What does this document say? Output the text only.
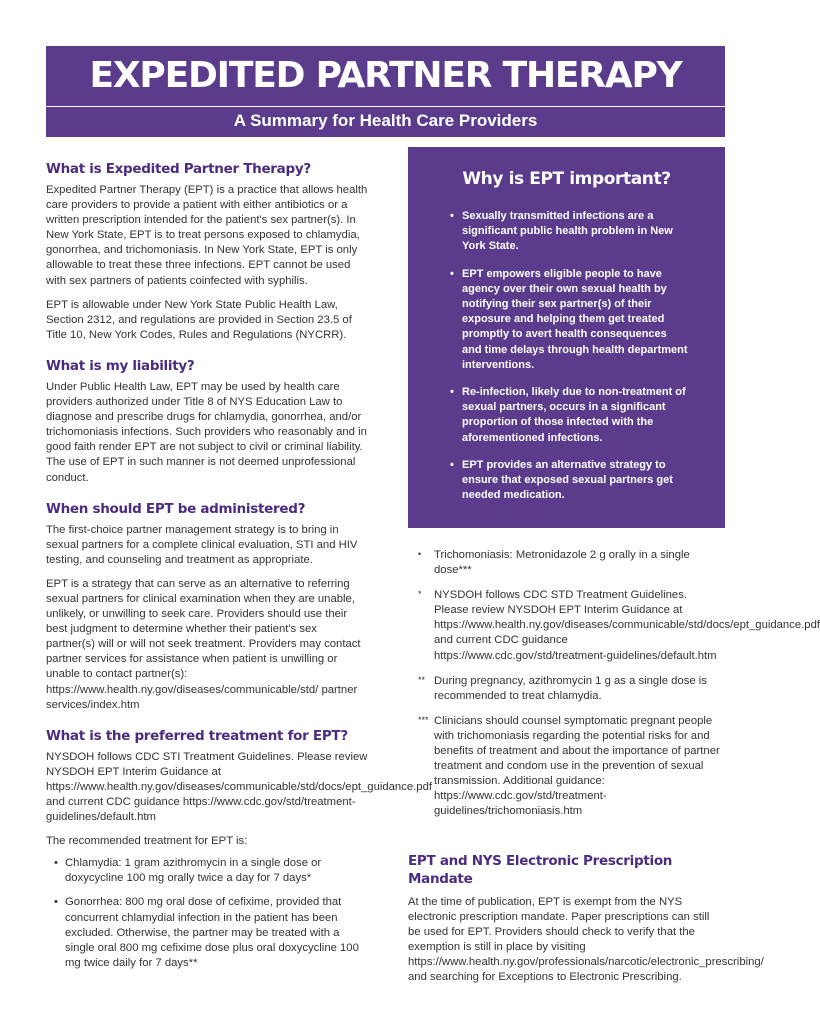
EXPEDITED PARTNER THERAPY
A Summary for Health Care Providers
What is Expedited Partner Therapy?

Expedited Partner Therapy (EPT) is a practice that allows health care providers to provide a patient with either antibiotics or a written prescription intended for the patient's sex partner(s). In New York State, EPT is to treat persons exposed to chlamydia, gonorrhea, and trichomoniasis. In New York State, EPT is only allowable to treat these three infections. EPT cannot be used with sex partners of patients coinfected with syphilis.

EPT is allowable under New York State Public Health Law, Section 2312, and regulations are provided in Section 23.5 of Title 10, New York Codes, Rules and Regulations (NYCRR).

What is my liability?

Under Public Health Law, EPT may be used by health care providers authorized under Title 8 of NYS Education Law to diagnose and prescribe drugs for chlamydia, gonorrhea, and/or trichomoniasis infections. Such providers who reasonably and in good faith render EPT are not subject to civil or criminal liability. The use of EPT in such manner is not deemed unprofessional conduct.

When should EPT be administered?

The first-choice partner management strategy is to bring in sexual partners for a complete clinical evaluation, STI and HIV testing, and counseling and treatment as appropriate.

EPT is a strategy that can serve as an alternative to referring sexual partners for clinical examination when they are unable, unlikely, or unwilling to seek care. Providers should use their best judgment to determine whether their patient's sex partner(s) will or will not seek treatment. Providers may contact partner services for assistance when patient is unwilling or unable to contact partner(s): https://www.health.ny.gov/diseases/communicable/std/ partner services/index.htm

What is the preferred treatment for EPT?

NYSDOH follows CDC STI Treatment Guidelines. Please review NYSDOH EPT Interim Guidance at https://www.health.ny.gov/diseases/communicable/std/docs/ept_guidance.pdf and current CDC guidance https://www.cdc.gov/std/treatment-guidelines/default.htm

The recommended treatment for EPT is:

• Chlamydia: 1 gram azithromycin in a single dose or doxycycline 100 mg orally twice a day for 7 days*
• Gonorrhea: 800 mg oral dose of cefixime, provided that concurrent chlamydial infection in the patient has been excluded. Otherwise, the partner may be treated with a single oral 800 mg cefixime dose plus oral doxycycline 100 mg twice daily for 7 days**
Why is EPT important?
• Sexually transmitted infections are a significant public health problem in New York State.
• EPT empowers eligible people to have agency over their own sexual health by notifying their sex partner(s) of their exposure and helping them get treated promptly to avert health consequences and time delays through health department interventions.
• Re-infection, likely due to non-treatment of sexual partners, occurs in a significant proportion of those infected with the aforementioned infections.
• EPT provides an alternative strategy to ensure that exposed sexual partners get needed medication.
• Trichomoniasis: Metronidazole 2 g orally in a single dose***
* NYSDOH follows CDC STD Treatment Guidelines. Please review NYSDOH EPT Interim Guidance at https://www.health.ny.gov/diseases/communicable/std/docs/ept_guidance.pdf and current CDC guidance https://www.cdc.gov/std/treatment-guidelines/default.htm
** During pregnancy, azithromycin 1 g as a single dose is recommended to treat chlamydia.
*** Clinicians should counsel symptomatic pregnant people with trichomoniasis regarding the potential risks for and benefits of treatment and about the importance of partner treatment and condom use in the prevention of sexual transmission. Additional guidance: https://www.cdc.gov/std/treatment-guidelines/trichomoniasis.htm
EPT and NYS Electronic Prescription Mandate

At the time of publication, EPT is exempt from the NYS electronic prescription mandate. Paper prescriptions can still be used for EPT. Providers should check to verify that the exemption is still in place by visiting https://www.health.ny.gov/professionals/narcotic/electronic_prescribing/ and searching for Exceptions to Electronic Prescribing.
